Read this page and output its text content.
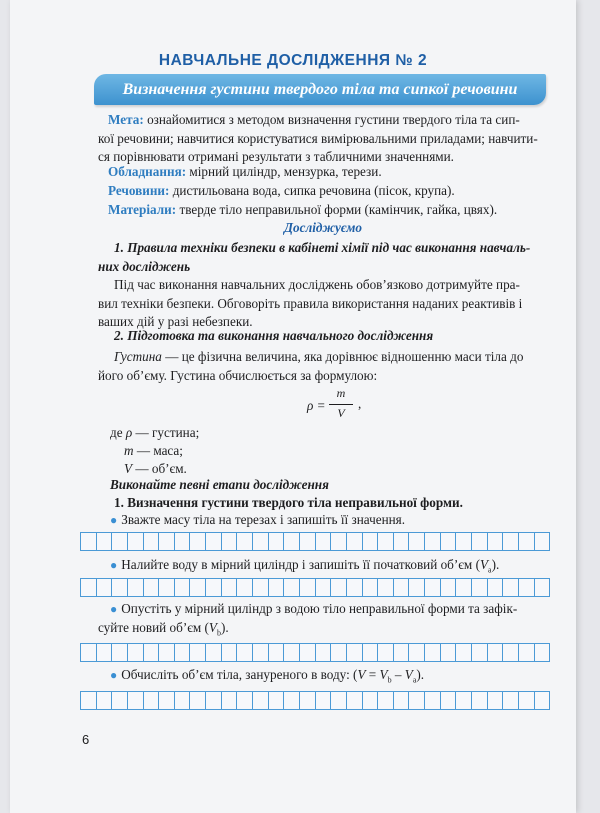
НАВЧАЛЬНЕ ДОСЛІДЖЕННЯ № 2
Визначення густини твердого тіла та сипкої речовини
Мета: ознайомитися з методом визначення густини твердого тіла та сип-
кої речовини; навчитися користуватися вимірювальними приладами; навчити-
ся порівнювати отримані результати з табличними значеннями.
Обладнання: мірний циліндр, мензурка, терези.
Речовини: дистильована вода, сипка речовина (пісок, крупа).
Матеріали: тверде тіло неправильної форми (камінчик, гайка, цвях).
Досліджуємо
1. Правила техніки безпеки в кабінеті хімії під час виконання навчаль-
них досліджень
Під час виконання навчальних досліджень обов’язково дотримуйте пра-
вил техніки безпеки. Обговоріть правила використання наданих реактивів і
ваших дій у разі небезпеки.
2. Підготовка та виконання навчального дослідження
Густина — це фізична величина, яка дорівнює відношенню маси тіла до
його об’єму. Густина обчислюється за формулою:
ρ =
m
V
,
де ρ — густина;
m — маса;
V — об’єм.
Виконайте певні етапи дослідження
1. Визначення густини твердого тіла неправильної форми.
● Зважте масу тіла на терезах і запишіть її значення.
● Налийте воду в мірний циліндр і запишіть її початковий об’єм $(V_a)$.
● Опустіть у мірний циліндр з водою тіло неправильної форми та зафік-
суйте новий об’єм $(V_b)$.
● Обчисліть об’єм тіла, зануреного в воду: $(V = V_b - V_a)$.
6
